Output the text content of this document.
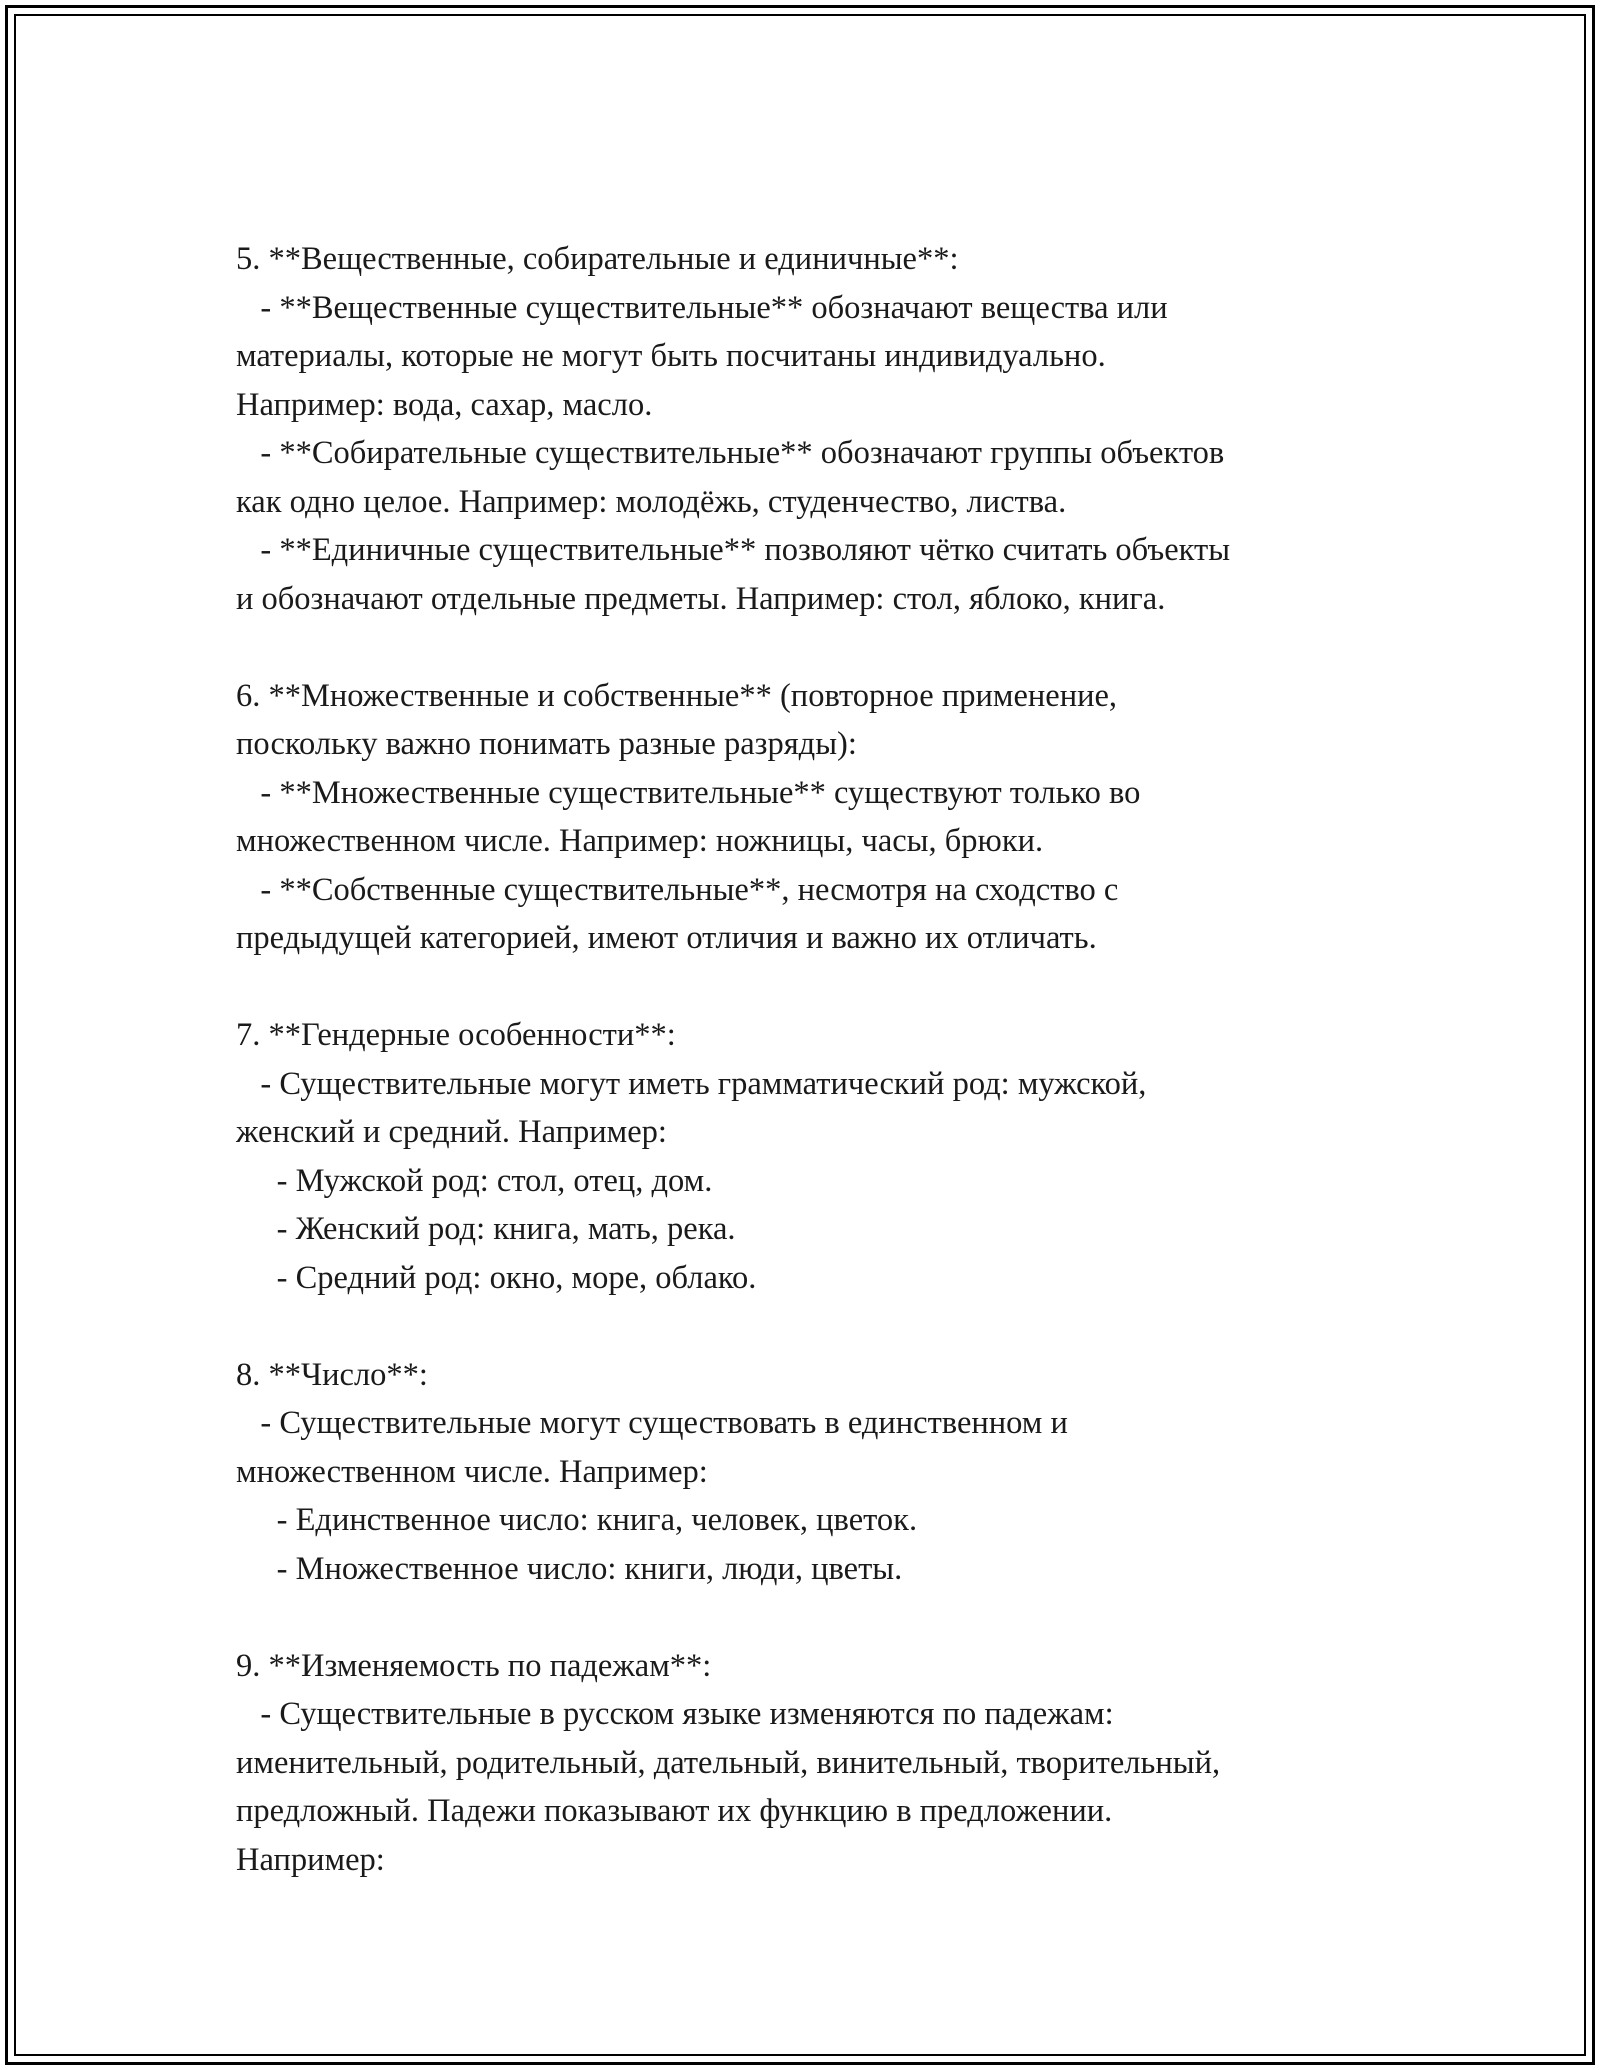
5. **Вещественные, собирательные и единичные**:
- **Вещественные существительные** обозначают вещества или
материалы, которые не могут быть посчитаны индивидуально.
Например: вода, сахар, масло.
- **Собирательные существительные** обозначают группы объектов
как одно целое. Например: молодёжь, студенчество, листва.
- **Единичные существительные** позволяют чётко считать объекты
и обозначают отдельные предметы. Например: стол, яблоко, книга.
6. **Множественные и собственные** (повторное применение,
поскольку важно понимать разные разряды):
- **Множественные существительные** существуют только во
множественном числе. Например: ножницы, часы, брюки.
- **Собственные существительные**, несмотря на сходство с
предыдущей категорией, имеют отличия и важно их отличать.
7. **Гендерные особенности**:
- Существительные могут иметь грамматический род: мужской,
женский и средний. Например:
- Мужской род: стол, отец, дом.
- Женский род: книга, мать, река.
- Средний род: окно, море, облако.
8. **Число**:
- Существительные могут существовать в единственном и
множественном числе. Например:
- Единственное число: книга, человек, цветок.
- Множественное число: книги, люди, цветы.
9. **Изменяемость по падежам**:
- Существительные в русском языке изменяются по падежам:
именительный, родительный, дательный, винительный, творительный,
предложный. Падежи показывают их функцию в предложении.
Например:
